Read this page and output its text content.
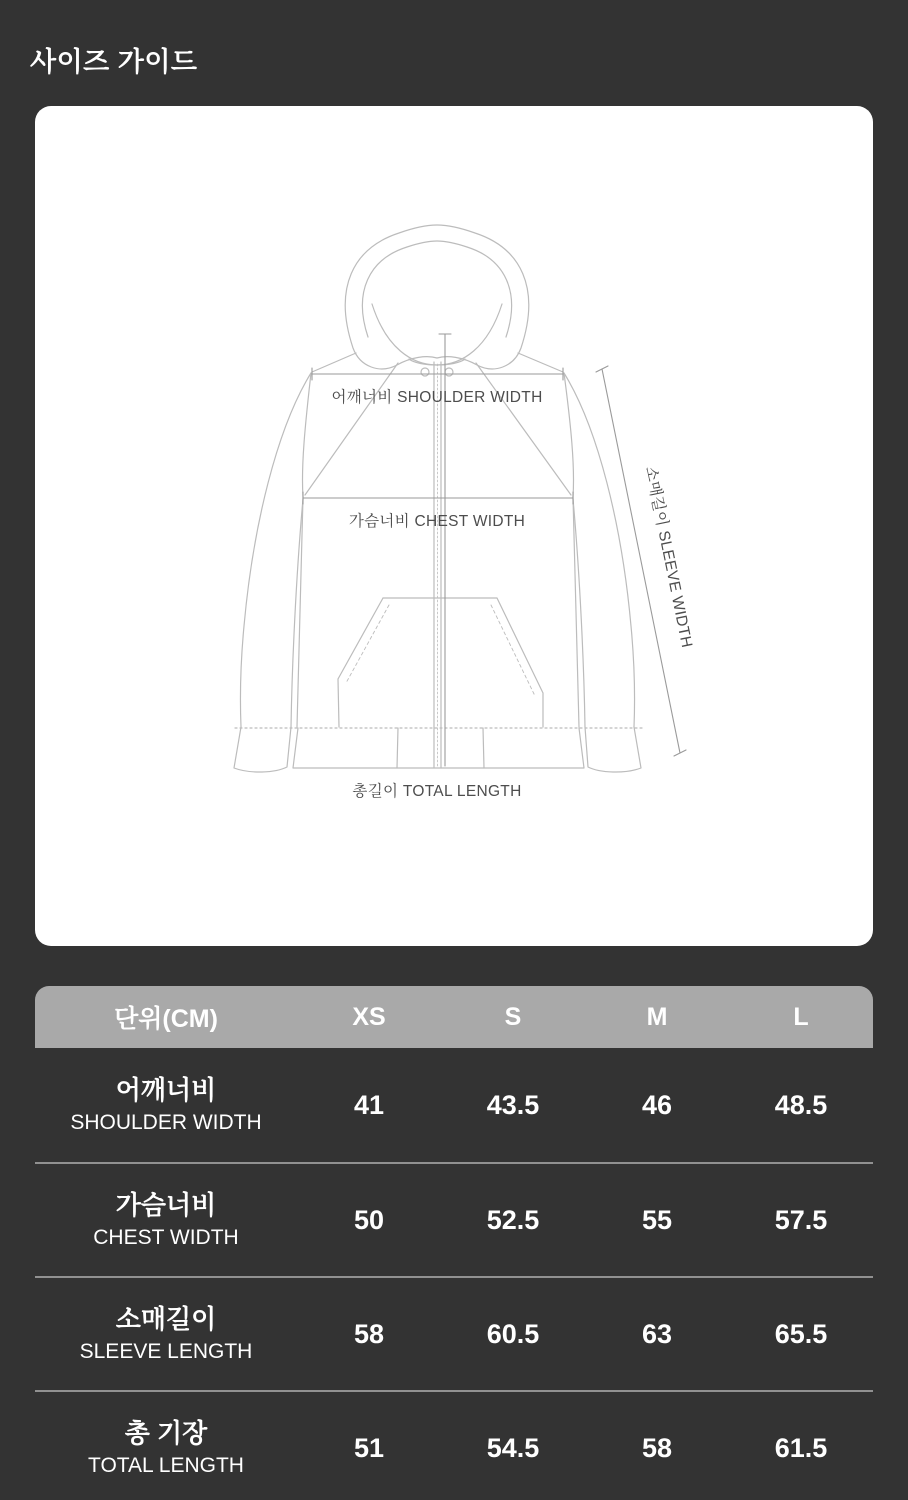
사이즈 가이드
어깨너비 SHOULDER WIDTH
가슴너비 CHEST WIDTH	소매길이 SLEEVE WIDTH
총길이 TOTAL LENGTH
단위(CM)	XS	S	M	L
어깨너비
SHOULDER WIDTH
41	43.5	46	48.5
가슴너비
CHEST WIDTH
50	52.5	55	57.5
소매길이
SLEEVE LENGTH
58	60.5	63	65.5
총 기장
TOTAL LENGTH
51	54.5	58	61.5
